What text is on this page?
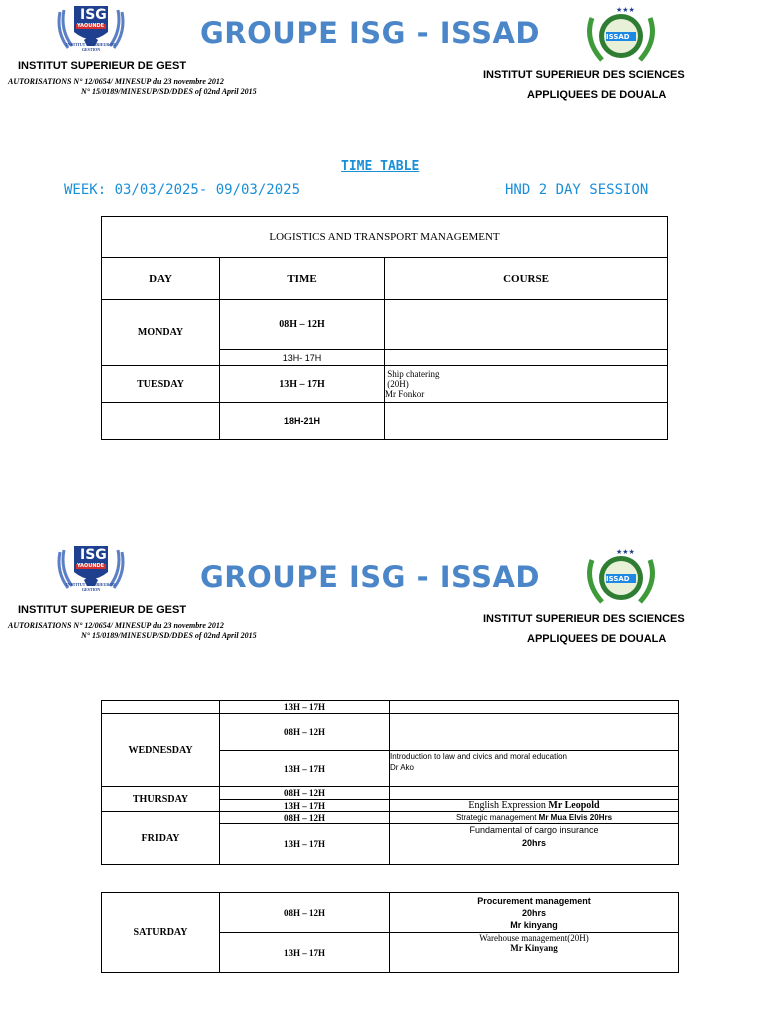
ISG
YAOUNDE
INSTITUT SUPERIEUR DE GESTION	GROUPE ISG - ISSAD
★★★
ISSAD
INSTITUT SUPERIEUR DE GEST
AUTORISATIONS N° 12/0654/ MINESUP du 23 novembre 2012
N° 15/0189/MINESUP/SD/DDES of 02nd April 2015
INSTITUT SUPERIEUR DES SCIENCES
APPLIQUEES DE DOUALA
TIME TABLE
WEEK: 03/03/2025- 09/03/2025	HND 2 DAY SESSION
LOGISTICS AND TRANSPORT MANAGEMENT		
DAY	TIME	COURSE
MONDAY	08H – 12H	
	13H- 17H	
TUESDAY	13H – 17H	Ship chatering
(20H)
Mr Fonkor

	18H-21H	
ISG
YAOUNDE
INSTITUT SUPERIEUR DE GESTION	GROUPE ISG - ISSAD
★★★
ISSAD
INSTITUT SUPERIEUR DE GEST
AUTORISATIONS N° 12/0654/ MINESUP du 23 novembre 2012
N° 15/0189/MINESUP/SD/DDES of 02nd April 2015
INSTITUT SUPERIEUR DES SCIENCES
APPLIQUEES DE DOUALA
	13H – 17H	
WEDNESDAY	08H – 12H	
	13H – 17H	Introduction to law and civics and moral education
Dr Ako

THURSDAY	08H – 12H	
	13H – 17H	English Expression Mr Leopold
FRIDAY	08H – 12H	Strategic management Mr Mua Elvis 20Hrs
	13H – 17H	Fundamental of cargo insurance
20hrs
SATURDAY	08H – 12H	Procurement management
20hrs
Mr kinyang

	13H – 17H	Warehouse management(20H)
Mr Kinyang
